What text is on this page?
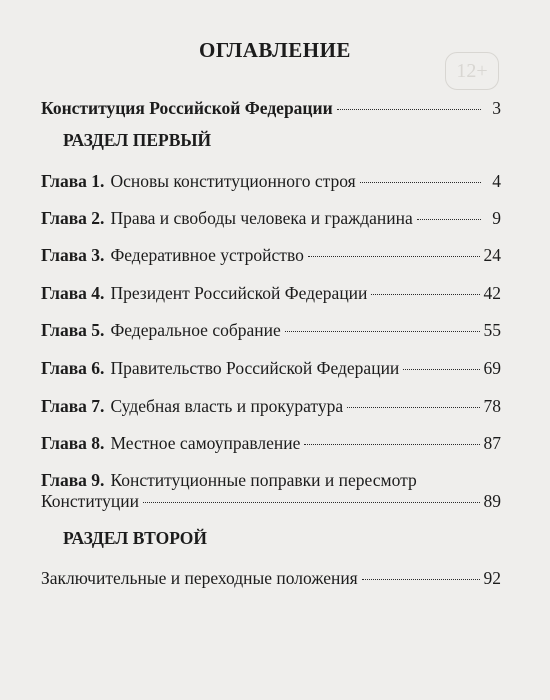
ОГЛАВЛЕНИЕ
12+
Конституция Российской Федерации	3
РАЗДЕЛ ПЕРВЫЙ
Глава 1. Основы конституционного строя	4
Глава 2. Права и свободы человека и гражданина	9
Глава 3. Федеративное устройство	24
Глава 4. Президент Российской Федерации	42
Глава 5. Федеральное собрание	55
Глава 6. Правительство Российской Федерации	69
Глава 7. Судебная власть и прокуратура	78
Глава 8. Местное самоуправление	87
Глава 9. Конституционные поправки и пересмотр
Конституции	89
РАЗДЕЛ ВТОРОЙ
Заключительные и переходные положения	92
